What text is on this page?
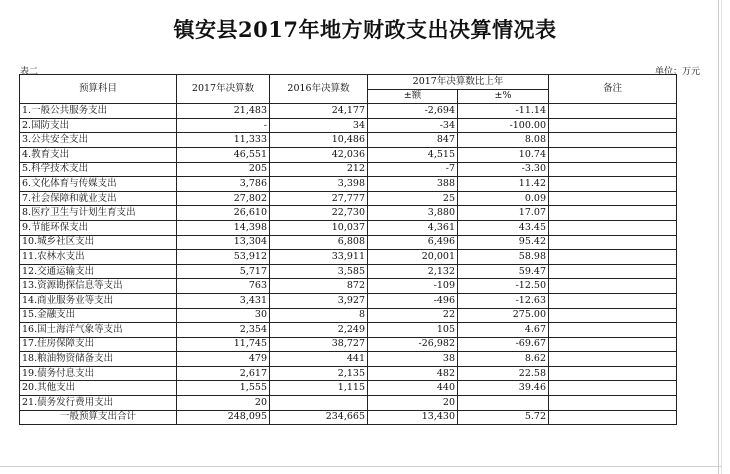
镇安县2017年地方财政支出决算情况表
表二	单位：万元
预算科目	2017年决算数	2016年决算数	2017年决算数比上年		备注
			±额	±%	
1.一般公共服务支出	21,483	24,177	-2,694	-11.14	
2.国防支出	-	34	-34	-100.00	
3.公共安全支出	11,333	10,486	847	8.08	
4.教育支出	46,551	42,036	4,515	10.74	
5.科学技术支出	205	212	-7	-3.30	
6.文化体育与传媒支出	3,786	3,398	388	11.42	
7.社会保障和就业支出	27,802	27,777	25	0.09	
8.医疗卫生与计划生育支出	26,610	22,730	3,880	17.07	
9.节能环保支出	14,398	10,037	4,361	43.45	
10.城乡社区支出	13,304	6,808	6,496	95.42	
11.农林水支出	53,912	33,911	20,001	58.98	
12.交通运输支出	5,717	3,585	2,132	59.47	
13.资源勘探信息等支出	763	872	-109	-12.50	
14.商业服务业等支出	3,431	3,927	-496	-12.63	
15.金融支出	30	8	22	275.00	
16.国土海洋气象等支出	2,354	2,249	105	4.67	
17.住房保障支出	11,745	38,727	-26,982	-69.67	
18.粮油物资储备支出	479	441	38	8.62	
19.债务付息支出	2,617	2,135	482	22.58	
20.其他支出	1,555	1,115	440	39.46	
21.债务发行费用支出	20		20		
一般预算支出合计	248,095	234,665	13,430	5.72	
